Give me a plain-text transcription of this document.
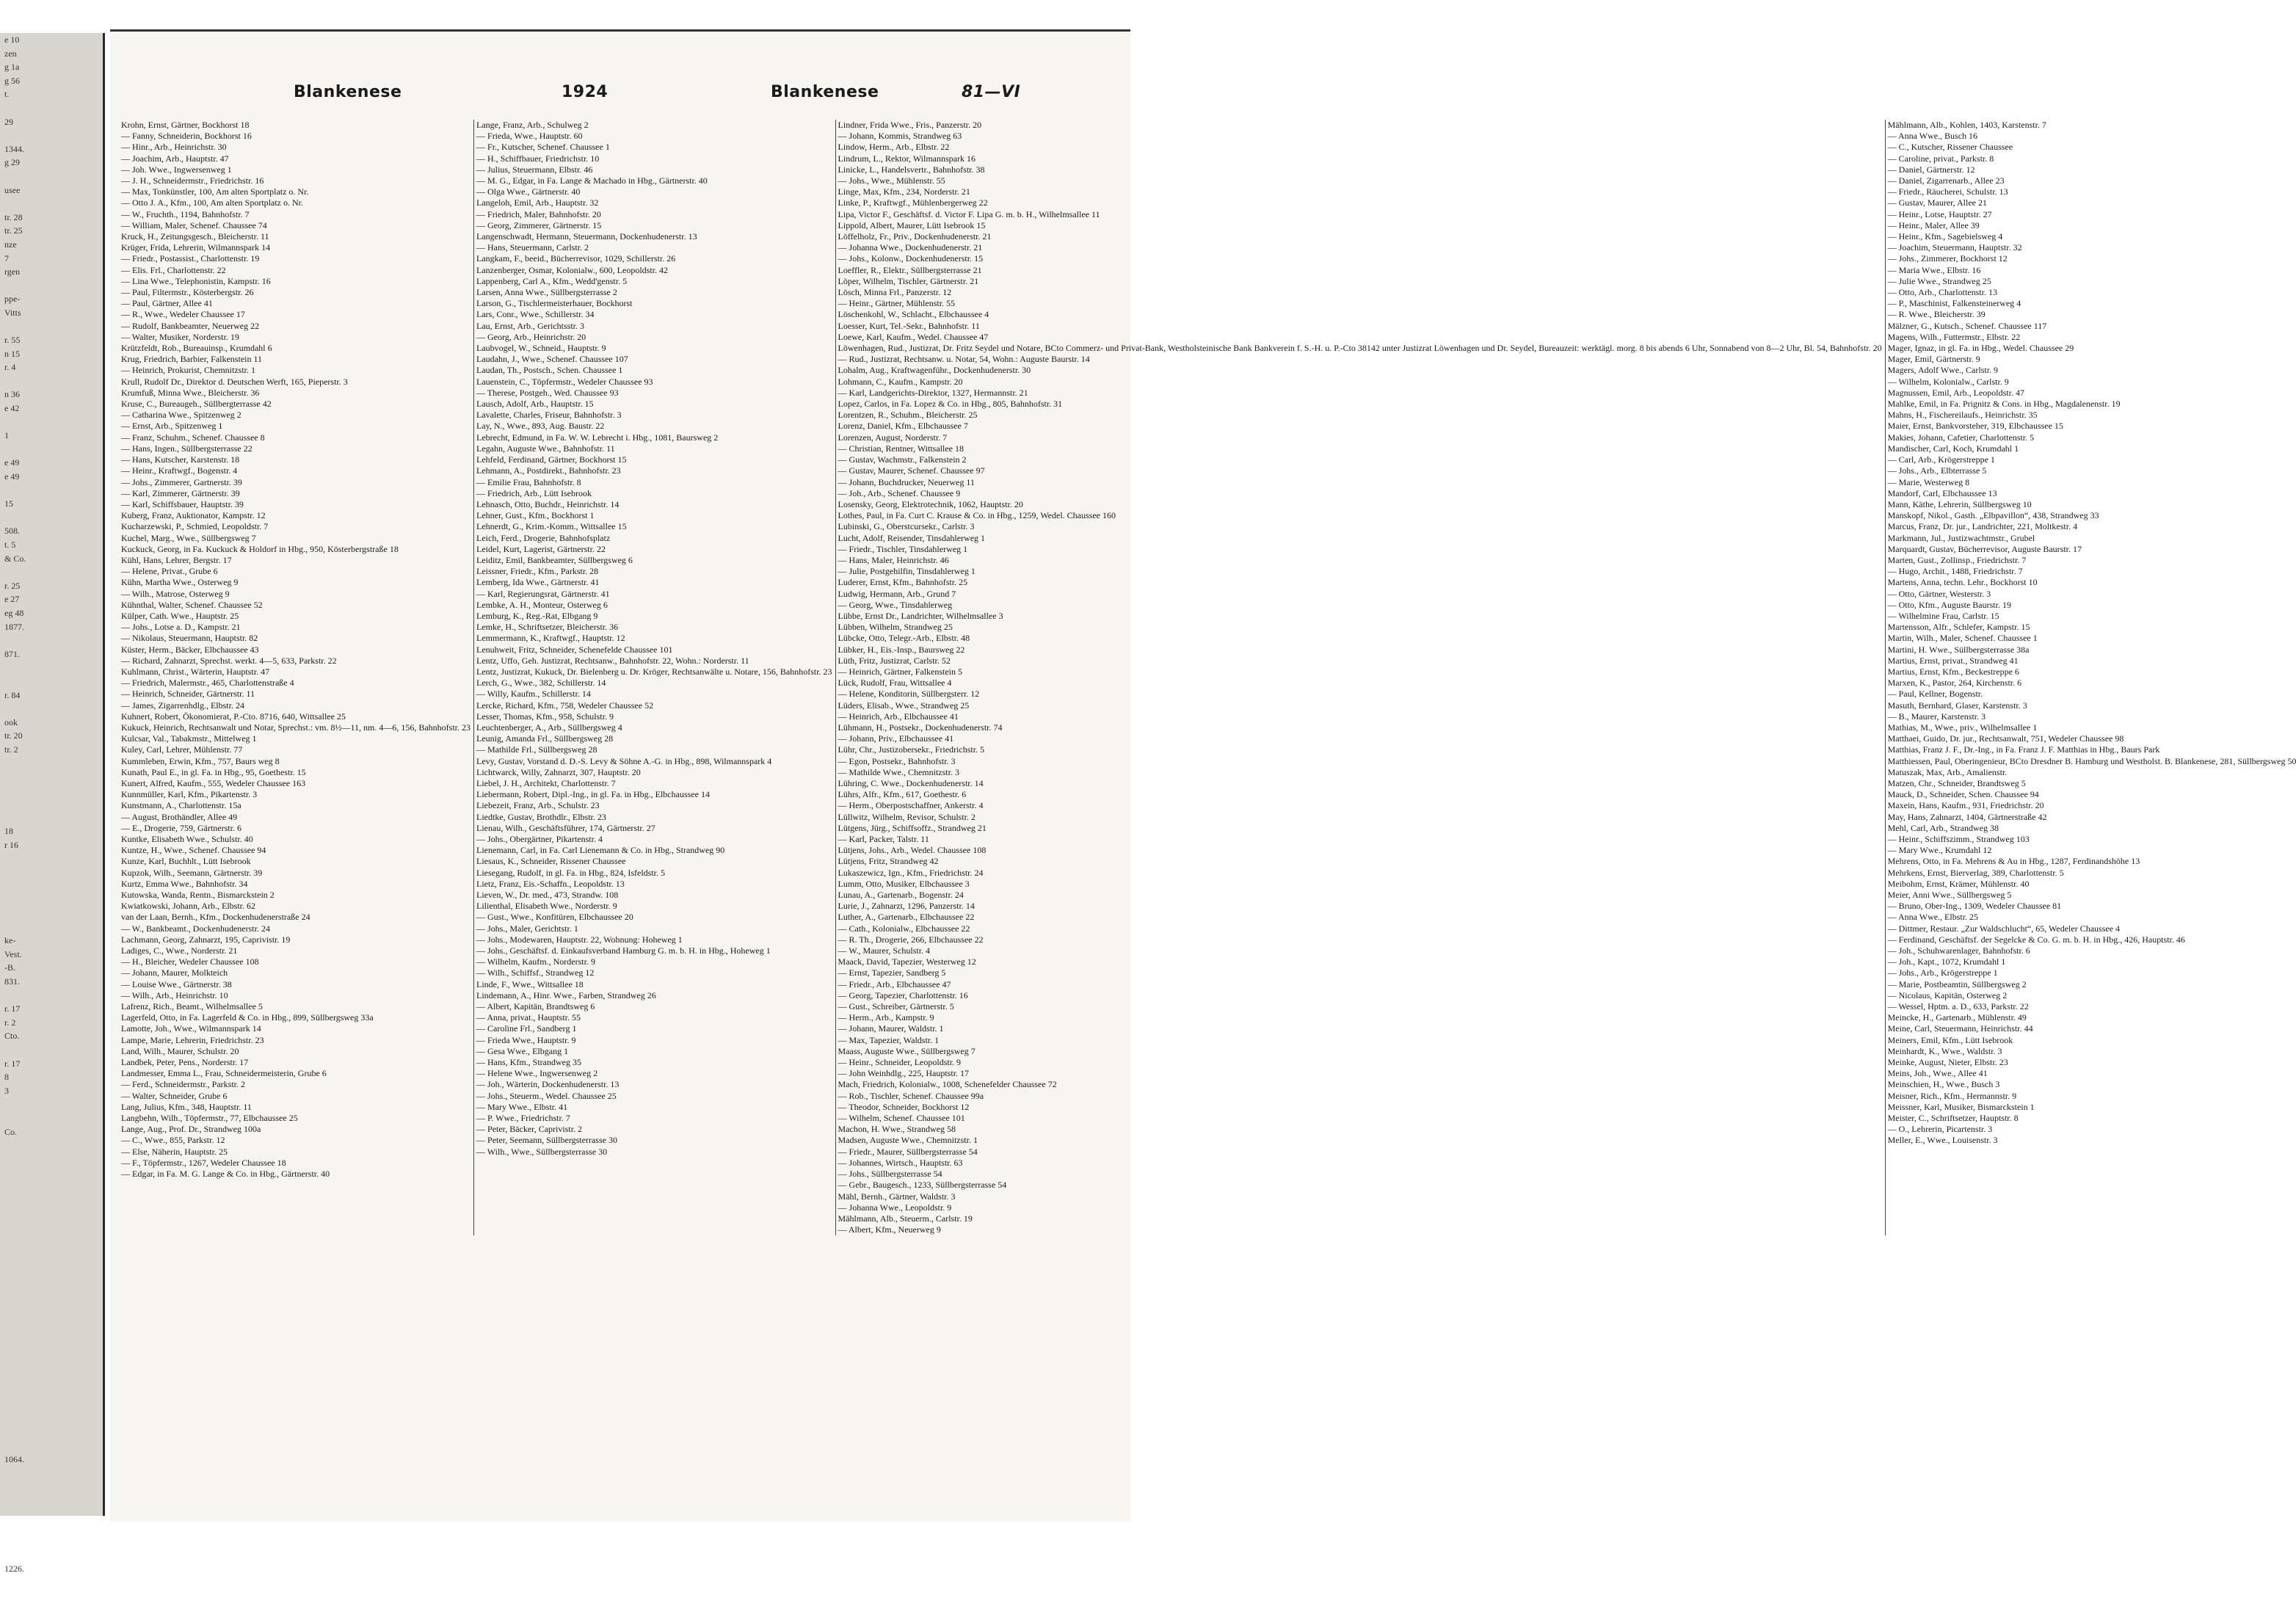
e 10
zen
g 1a
g 56
t.

29

1344.
g 29

usee

tr. 28
tr. 25
nze
7
rgen

ppe-
Vitts

r. 55
n 15
r. 4

n 36
e 42

1

e 49
e 49

15

508.
t. 5
& Co.

r. 25
e 27
eg 48
1877.

871.

r. 84

ook
tr. 20
tr. 2

18
r 16

ke-
Vest.
-B.
831.

r. 17
r. 2
Cto.

r. 17
8
3

Co.

1064.

1226.
Blankenese	1924	Blankenese	81—VI
Krohn, Ernst, Gärtner, Bockhorst 18
— Fanny, Schneiderin, Bockhorst 16
— Hinr., Arb., Heinrichstr. 30
— Joachim, Arb., Hauptstr. 47
— Joh. Wwe., Ingwersenweg 1
— J. H., Schneidermstr., Friedrichstr. 16
— Max, Tonkünstler, 100, Am alten Sportplatz o. Nr.
— Otto J. A., Kfm., 100, Am alten Sportplatz o. Nr.
— W., Fruchth., 1194, Bahnhofstr. 7
— William, Maler, Schenef. Chaussee 74
Kruck, H., Zeitungsgesch., Bleicherstr. 11
Krüger, Frida, Lehrerin, Wilmannspark 14
— Friedr., Postassist., Charlottenstr. 19
— Elis. Frl., Charlottenstr. 22
— Lina Wwe., Telephonistin, Kampstr. 16
— Paul, Filtermstr., Kösterbergstr. 26
— Paul, Gärtner, Allee 41
— R., Wwe., Wedeler Chaussee 17
— Rudolf, Bankbeamter, Neuerweg 22
— Walter, Musiker, Norderstr. 19
Krützfeldt, Rob., Bureauinsp., Krumdahl 6
Krug, Friedrich, Barbier, Falkenstein 11
— Heinrich, Prokurist, Chemnitzstr. 1
Krull, Rudolf Dr., Direktor d. Deutschen Werft, 165, Pieperstr. 3
Krumfuß, Minna Wwe., Bleicherstr. 36
Kruse, C., Bureaugeh., Süllbergterrasse 42
— Catharina Wwe., Spitzenweg 2
— Ernst, Arb., Spitzenweg 1
— Franz, Schuhm., Schenef. Chaussee 8
— Hans, Ingen., Süllbergsterrasse 22
— Hans, Kutscher, Karstenstr. 18
— Heinr., Kraftwgf., Bogenstr. 4
— Johs., Zimmerer, Gartnerstr. 39
— Karl, Zimmerer, Gärtnerstr. 39
— Karl, Schiffsbauer, Hauptstr. 39
Kuberg, Franz, Auktionator, Kampstr. 12
Kucharzewski, P., Schmied, Leopoldstr. 7
Kuchel, Marg., Wwe., Süllbergsweg 7
Kuckuck, Georg, in Fa. Kuckuck & Holdorf in Hbg., 950, Kösterbergstraße 18
Kühl, Hans, Lehrer, Bergstr. 17
— Helene, Privat., Grube 6
Kühn, Martha Wwe., Osterweg 9
— Wilh., Matrose, Osterweg 9
Kühnthal, Walter, Schenef. Chaussee 52
Külper, Cath. Wwe., Hauptstr. 25
— Johs., Lotse a. D., Kampstr. 21
— Nikolaus, Steuermann, Hauptstr. 82
Küster, Herm., Bäcker, Elbchaussee 43
— Richard, Zahnarzt, Sprechst. werkt. 4—5, 633, Parkstr. 22
Kuhlmann, Christ., Wärterin, Hauptstr. 47
— Friedrich, Malermstr., 465, Charlottenstraße 4
— Heinrich, Schneider, Gärtnerstr. 11
— James, Zigarrenhdlg., Elbstr. 24
Kuhnert, Robert, Ökonomierat, P.-Cto. 8716, 640, Wittsallee 25
Kukuck, Heinrich, Rechtsanwalt und Notar, Sprechst.: vm. 8½—11, nm. 4—6, 156, Bahnhofstr. 23
Kulcsar, Val., Tabakmstr., Mittelweg 1
Kuley, Carl, Lehrer, Mühlenstr. 77
Kummleben, Erwin, Kfm., 757, Baurs weg 8
Kunath, Paul E., in gl. Fa. in Hbg., 95, Goethestr. 15
Kunert, Alfred, Kaufm., 555, Wedeler Chaussee 163
Kunnmüller, Karl, Kfm., Pikartenstr. 3
Kunstmann, A., Charlottenstr. 15a
— August, Brothändler, Allee 49
— E., Drogerie, 759, Gärtnerstr. 6
Kuntke, Elisabeth Wwe., Schulstr. 40
Kuntze, H., Wwe., Schenef. Chaussee 94
Kunze, Karl, Buchhlt., Lütt Isebrook
Kupzok, Wilh., Seemann, Gärtnerstr. 39
Kurtz, Emma Wwe., Bahnhofstr. 34
Kutowska, Wanda, Rentn., Bismarckstein 2
Kwiatkowski, Johann, Arb., Elbstr. 62
van der Laan, Bernh., Kfm., Dockenhudenerstraße 24
— W., Bankbeamt., Dockenhudenerstr. 24
Lachmann, Georg, Zahnarzt, 195, Caprivistr. 19
Ladiges, C., Wwe., Norderstr. 21
— H., Bleicher, Wedeler Chaussee 108
— Johann, Maurer, Molkteich
— Louise Wwe., Gärtnerstr. 38
— Wilh., Arb., Heinrichstr. 10
Lafrenz, Rich., Beamt., Wilhelmsallee 5
Lagerfeld, Otto, in Fa. Lagerfeld & Co. in Hbg., 899, Süllbergsweg 33a
Lamotte, Joh., Wwe., Wilmannspark 14
Lampe, Marie, Lehrerin, Friedrichstr. 23
Land, Wilh., Maurer, Schulstr. 20
Landbek, Peter, Pens., Norderstr. 17
Landmesser, Emma L., Frau, Schneidermeisterin, Grube 6
— Ferd., Schneidermstr., Parkstr. 2
— Walter, Schneider, Grube 6
Lang, Julius, Kfm., 348, Hauptstr. 11
Langbehn, Wilh., Töpfermstr., 77, Elbchaussee 25
Lange, Aug., Prof. Dr., Strandweg 100a
— C., Wwe., 855, Parkstr. 12
— Else, Näherin, Hauptstr. 25
— F., Töpfermstr., 1267, Wedeler Chaussee 18
— Edgar, in Fa. M. G. Lange & Co. in Hbg., Gärtnerstr. 40
Lange, Franz, Arb., Schulweg 2
— Frieda, Wwe., Hauptstr. 60
— Fr., Kutscher, Schenef. Chaussee 1
— H., Schiffbauer, Friedrichstr. 10
— Julius, Steuermann, Elbstr. 46
— M. G., Edgar, in Fa. Lange & Machado in Hbg., Gärtnerstr. 40
— Olga Wwe., Gärtnerstr. 40
Langeloh, Emil, Arb., Hauptstr. 32
— Friedrich, Maler, Bahnhofstr. 20
— Georg, Zimmerer, Gärtnerstr. 15
Langenschwadt, Hermann, Steuermann, Dockenhudenerstr. 13
— Hans, Steuermann, Carlstr. 2
Langkam, F., beeid., Bücherrevisor, 1029, Schillerstr. 26
Lanzenberger, Osmar, Kolonialw., 600, Leopoldstr. 42
Lappenberg, Carl A., Kfm., Wedd'genstr. 5
Larsen, Anna Wwe., Süllbergsterrasse 2
Larson, G., Tischlermeisterhauer, Bockhorst
Lars, Conr., Wwe., Schillerstr. 34
Lau, Ernst, Arb., Gerichtsstr. 3
— Georg, Arb., Heinrichstr. 20
Laubvogel, W., Schneid., Hauptstr. 9
Laudahn, J., Wwe., Schenef. Chaussee 107
Laudan, Th., Postsch., Schen. Chaussee 1
Lauenstein, C., Töpfermstr., Wedeler Chaussee 93
— Therese, Postgeh., Wed. Chaussee 93
Lausch, Adolf, Arb., Hauptstr. 15
Lavalette, Charles, Friseur, Bahnhofstr. 3
Lay, N., Wwe., 893, Aug. Baustr. 22
Lebrecht, Edmund, in Fa. W. W. Lebrecht i. Hbg., 1081, Baursweg 2
Legahn, Auguste Wwe., Bahnhofstr. 11
Lehfeld, Ferdinand, Gärtner, Bockhorst 15
Lehmann, A., Postdirekt., Bahnhofstr. 23
— Emilie Frau, Bahnhofstr. 8
— Friedrich, Arb., Lütt Isebrook
Lehnasch, Otto, Buchdr., Heinrichstr. 14
Lehner, Gust., Kfm., Bockhorst 1
Lehnerdt, G., Krim.-Komm., Wittsallee 15
Leich, Ferd., Drogerie, Bahnhofsplatz
Leidel, Kurt, Lagerist, Gärtnerstr. 22
Leiditz, Emil, Bankbeamter, Süllbergsweg 6
Leissner, Friedr., Kfm., Parkstr. 28
Lemberg, Ida Wwe., Gärtnerstr. 41
— Karl, Regierungsrat, Gärtnerstr. 41
Lembke, A. H., Monteur, Osterweg 6
Lemburg, K., Reg.-Rat, Elbgang 9
Lemke, H., Schriftsetzer, Bleicherstr. 36
Lemmermann, K., Kraftwgf., Hauptstr. 12
Lenuhweit, Fritz, Schneider, Schenefelde Chaussee 101
Lentz, Uffo, Geh. Justizrat, Rechtsanw., Bahnhofstr. 22, Wohn.: Norderstr. 11
Lentz, Justizrat, Kukuck, Dr. Bielenberg u. Dr. Kröger, Rechtsanwälte u. Notare, 156, Bahnhofstr. 23
Lerch, G., Wwe., 382, Schillerstr. 14
— Willy, Kaufm., Schillerstr. 14
Lercke, Richard, Kfm., 758, Wedeler Chaussee 52
Lesser, Thomas, Kfm., 958, Schulstr. 9
Leuchtenberger, A., Arb., Süllbergsweg 4
Leunig, Amanda Frl., Süllbergsweg 28
— Mathilde Frl., Süllbergsweg 28
Levy, Gustav, Vorstand d. D.-S. Levy & Söhne A.-G. in Hbg., 898, Wilmannspark 4
Lichtwarck, Willy, Zahnarzt, 307, Hauptstr. 20
Liebel, J. H., Architekt, Charlottenstr. 7
Liebermann, Robert, Dipl.-Ing., in gl. Fa. in Hbg., Elbchaussee 14
Liebezeit, Franz, Arb., Schulstr. 23
Liedtke, Gustav, Brothdlr., Elbstr. 23
Lienau, Wilh., Geschäftsführer, 174, Gärtnerstr. 27
— Johs., Obergärtner, Pikartenstr. 4
Lienemann, Carl, in Fa. Carl Lienemann & Co. in Hbg., Strandweg 90
Liesaus, K., Schneider, Rissener Chaussee
Liesegang, Rudolf, in gl. Fa. in Hbg., 824, Isfeldstr. 5
Lietz, Franz, Eis.-Schaffn., Leopoldstr. 13
Lieven, W., Dr. med., 473, Strandw. 108
Lilienthal, Elisabeth Wwe., Norderstr. 9
— Gust., Wwe., Konfitüren, Elbchaussee 20
— Johs., Maler, Gerichtstr. 1
— Johs., Modewaren, Hauptstr. 22, Wohnung: Hoheweg 1
— Johs., Geschäftsf. d. Einkaufsverband Hamburg G. m. b. H. in Hbg., Hoheweg 1
— Wilhelm, Kaufm., Norderstr. 9
— Wilh., Schiffsf., Strandweg 12
Linde, F., Wwe., Wittsallee 18
Lindemann, A., Hinr. Wwe., Farben, Strandweg 26
— Albert, Kapitän, Brandtsweg 6
— Anna, privat., Hauptstr. 55
— Caroline Frl., Sandberg 1
— Frieda Wwe., Hauptstr. 9
— Gesa Wwe., Elbgang 1
— Hans, Kfm., Strandweg 35
— Helene Wwe., Ingwersenweg 2
— Joh., Wärterin, Dockenhudenerstr. 13
— Johs., Steuerm., Wedel. Chaussee 25
— Mary Wwe., Elbstr. 41
— P. Wwe., Friedrichstr. 7
— Peter, Bäcker, Caprivistr. 2
— Peter, Seemann, Süllbergsterrasse 30
— Wilh., Wwe., Süllbergsterrasse 30
Lindner, Frida Wwe., Fris., Panzerstr. 20
— Johann, Kommis, Strandweg 63
Lindow, Herm., Arb., Elbstr. 22
Lindrum, L., Rektor, Wilmannspark 16
Linicke, L., Handelsvertr., Bahnhofstr. 38
— Johs., Wwe., Mühlenstr. 55
Linge, Max, Kfm., 234, Norderstr. 21
Linke, P., Kraftwgf., Mühlenbergerweg 22
Lipa, Victor F., Geschäftsf. d. Victor F. Lipa G. m. b. H., Wilhelmsallee 11
Lippold, Albert, Maurer, Lütt Isebrook 15
Löffelholz, Fr., Priv., Dockenhudenerstr. 21
— Johanna Wwe., Dockenhudenerstr. 21
— Johs., Kolonw., Dockenhudenerstr. 15
Loeffler, R., Elektr., Süllbergsterrasse 21
Löper, Wilhelm, Tischler, Gärtnerstr. 21
Lösch, Minna Frl., Panzerstr. 12
— Heinr., Gärtner, Mühlenstr. 55
Löschenkohl, W., Schlacht., Elbchaussee 4
Loesser, Kurt, Tel.-Sekr., Bahnhofstr. 11
Loewe, Karl, Kaufm., Wedel. Chaussee 47
Löwenhagen, Rud., Justizrat, Dr. Fritz Seydel und Notare, BCto Commerz- und Privat-Bank, Westholsteinische Bank Bankverein f. S.-H. u. P.-Cto 38142 unter Justizrat Löwenhagen und Dr. Seydel, Bureauzeit: werktägl. morg. 8 bis abends 6 Uhr, Sonnabend von 8—2 Uhr, Bl. 54, Bahnhofstr. 20
— Rud., Justizrat, Rechtsanw. u. Notar, 54, Wohn.: Auguste Baurstr. 14
Lohalm, Aug., Kraftwagenführ., Dockenhudenerstr. 30
Lohmann, C., Kaufm., Kampstr. 20
— Karl, Landgerichts-Direktor, 1327, Hermannstr. 21
Lopez, Carlos, in Fa. Lopez & Co. in Hbg., 805, Bahnhofstr. 31
Lorentzen, R., Schuhm., Bleicherstr. 25
Lorenz, Daniel, Kfm., Elbchaussee 7
Lorenzen, August, Norderstr. 7
— Christian, Rentner, Wittsallee 18
— Gustav, Wachmstr., Falkenstein 2
— Gustav, Maurer, Schenef. Chaussee 97
— Johann, Buchdrucker, Neuerweg 11
— Joh., Arb., Schenef. Chaussee 9
Losensky, Georg, Elektrotechnik, 1062, Hauptstr. 20
Lothes, Paul, in Fa. Curt C. Krause & Co. in Hbg., 1259, Wedel. Chaussee 160
Lubinski, G., Oberstcursekr., Carlstr. 3
Lucht, Adolf, Reisender, Tinsdahlerweg 1
— Friedr., Tischler, Tinsdahlerweg 1
— Hans, Maler, Heinrichstr. 46
— Julie, Postgehilfin, Tinsdahlerweg 1
Luderer, Ernst, Kfm., Bahnhofstr. 25
Ludwig, Hermann, Arb., Grund 7
— Georg, Wwe., Tinsdahlerweg
Lübbe, Ernst Dr., Landrichter, Wilhelmsallee 3
Lübben, Wilhelm, Strandweg 25
Lübcke, Otto, Telegr.-Arb., Elbstr. 48
Lübker, H., Eis.-Insp., Baursweg 22
Lüth, Fritz, Justizrat, Carlstr. 52
— Heinrich, Gärtner, Falkenstein 5
Lück, Rudolf, Frau, Wittsallee 4
— Helene, Konditorin, Süllbergsterr. 12
Lüders, Elisab., Wwe., Strandweg 25
— Heinrich, Arb., Elbchaussee 41
Lühmann, H., Postsekr., Dockenhudenerstr. 74
— Johann, Priv., Elbchaussee 41
Lühr, Chr., Justizobersekr., Friedrichstr. 5
— Egon, Postsekr., Bahnhofstr. 3
— Mathilde Wwe., Chemnitzstr. 3
Lühring, C. Wwe., Dockenhudenerstr. 14
Lührs, Alfr., Kfm., 617, Goethestr. 6
— Herm., Oberpostschaffner, Ankerstr. 4
Lüllwitz, Wilhelm, Revisor, Schulstr. 2
Lütgens, Jürg., Schiffsoffz., Strandweg 21
— Karl, Packer, Talstr. 11
Lütjens, Johs., Arb., Wedel. Chaussee 108
Lütjens, Fritz, Strandweg 42
Lukaszewicz, Ign., Kfm., Friedrichstr. 24
Lumm, Otto, Musiker, Elbchaussee 3
Lunau, A., Gartenarb., Bogenstr. 24
Lurie, J., Zahnarzt, 1296, Panzerstr. 14
Luther, A., Gartenarb., Elbchaussee 22
— Cath., Kolonialw., Elbchaussee 22
— R. Th., Drogerie, 266, Elbchaussee 22
— W., Maurer, Schulstr. 4
Maack, David, Tapezier, Westerweg 12
— Ernst, Tapezier, Sandberg 5
— Friedr., Arb., Elbchaussee 47
— Georg, Tapezier, Charlottenstr. 16
— Gust., Schreiber, Gärtnerstr. 5
— Herm., Arb., Kampstr. 9
— Johann, Maurer, Waldstr. 1
— Max, Tapezier, Waldstr. 1
Maass, Auguste Wwe., Süllbergsweg 7
— Heinr., Schneider, Leopoldstr. 9
— John Weinhdlg., 225, Hauptstr. 17
Mach, Friedrich, Kolonialw., 1008, Schenefelder Chaussee 72
— Rob., Tischler, Schenef. Chaussee 99a
— Theodor, Schneider, Bockhorst 12
— Wilhelm, Schenef. Chaussee 101
Machon, H. Wwe., Strandweg 58
Madsen, Auguste Wwe., Chemnitzstr. 1
— Friedr., Maurer, Süllbergsterrasse 54
— Johannes, Wirtsch., Hauptstr. 63
— Johs., Süllbergsterrasse 54
— Gebr., Baugesch., 1233, Süllbergsterrasse 54
Mähl, Bernh., Gärtner, Waldstr. 3
— Johanna Wwe., Leopoldstr. 9
Mählmann, Alb., Steuerm., Carlstr. 19
— Albert, Kfm., Neuerweg 9
Mählmann, Alb., Kohlen, 1403, Karstenstr. 7
— Anna Wwe., Busch 16
— C., Kutscher, Rissener Chaussee
— Caroline, privat., Parkstr. 8
— Daniel, Gärtnerstr. 12
— Daniel, Zigarrenarb., Allee 23
— Friedr., Räucherei, Schulstr. 13
— Gustav, Maurer, Allee 21
— Heinr., Lotse, Hauptstr. 27
— Heinr., Maler, Allee 39
— Heinr., Kfm., Sagebielsweg 4
— Joachim, Steuermann, Hauptstr. 32
— Johs., Zimmerer, Bockhorst 12
— Maria Wwe., Elbstr. 16
— Julie Wwe., Strandweg 25
— Otto, Arb., Charlottenstr. 13
— P., Maschinist, Falkensteinerweg 4
— R. Wwe., Bleicherstr. 39
Mälzner, G., Kutsch., Schenef. Chaussee 117
Magens, Wilh., Futtermstr., Elbstr. 22
Mager, Ignaz, in gl. Fa. in Hbg., Wedel. Chaussee 29
Mager, Emil, Gärtnerstr. 9
Magers, Adolf Wwe., Carlstr. 9
— Wilhelm, Kolonialw., Carlstr. 9
Magnussen, Emil, Arb., Leopoldstr. 47
Mahlke, Emil, in Fa. Prignitz & Cons. in Hbg., Magdalenenstr. 19
Mahns, H., Fischereilaufs., Heinrichstr. 35
Maier, Ernst, Bankvorsteher, 319, Elbchaussee 15
Makies, Johann, Cafetier, Charlottenstr. 5
Mandischer, Carl, Koch, Krumdahl 1
— Carl, Arb., Krögerstreppe 1
— Johs., Arb., Elbterrasse 5
— Marie, Westerweg 8
Mandorf, Carl, Elbchaussee 13
Mann, Käthe, Lehrerin, Süllbergsweg 10
Manskopf, Nikol., Gasth. „Elbpavillon“, 438, Strandweg 33
Marcus, Franz, Dr. jur., Landrichter, 221, Moltkestr. 4
Markmann, Jul., Justizwachtmstr., Grubel
Marquardt, Gustav, Bücherrevisor, Auguste Baurstr. 17
Marten, Gust., Zollinsp., Friedrichstr. 7
— Hugo, Archit., 1488, Friedrichstr. 7
Martens, Anna, techn. Lehr., Bockhorst 10
— Otto, Gärtner, Westerstr. 3
— Otto, Kfm., Auguste Baurstr. 19
— Wilhelmine Frau, Carlstr. 15
Martensson, Alfr., Schlefer, Kampstr. 15
Martin, Wilh., Maler, Schenef. Chaussee 1
Martini, H. Wwe., Süllbergsterrasse 38a
Martius, Ernst, privat., Strandweg 41
Martius, Ernst, Kfm., Beckestreppe 6
Marxen, K., Pastor, 264, Kirchenstr. 6
— Paul, Kellner, Bogenstr.
Masuth, Bernhard, Glaser, Karstenstr. 3
— B., Maurer, Karstenstr. 3
Mathias, M., Wwe., priv., Wilhelmsallee 1
Matthaei, Guido, Dr. jur., Rechtsanwalt, 751, Wedeler Chaussee 98
Matthias, Franz J. F., Dr.-Ing., in Fa. Franz J. F. Matthias in Hbg., Baurs Park
Matthiessen, Paul, Oberingenieur, BCto Dresdner B. Hamburg und Westholst. B. Blankenese, 281, Süllbergsweg 50
Matuszak, Max, Arb., Amalienstr.
Matzen, Chr., Schneider, Brandtsweg 5
Mauck, D., Schneider, Schen. Chaussee 94
Maxein, Hans, Kaufm., 931, Friedrichstr. 20
May, Hans, Zahnarzt, 1404, Gärtnerstraße 42
Mehl, Carl, Arb., Strandweg 38
— Heinr., Schiffszimm., Strandweg 103
— Mary Wwe., Krumdahl 12
Mehrens, Otto, in Fa. Mehrens & Au in Hbg., 1287, Ferdinandshöhe 13
Mehrkens, Ernst, Bierverlag, 389, Charlottenstr. 5
Meibohm, Ernst, Krämer, Mühlenstr. 40
Meier, Anni Wwe., Süllbergsweg 5
— Bruno, Ober-Ing., 1309, Wedeler Chaussee 81
— Anna Wwe., Elbstr. 25
— Dittmer, Restaur. „Zur Waldschlucht“, 65, Wedeler Chaussee 4
— Ferdinand, Geschäftsf. der Segelcke & Co. G. m. b. H. in Hbg., 426, Hauptstr. 46
— Joh., Schuhwarenlager, Bahnhofstr. 6
— Joh., Kapt., 1072, Krumdahl 1
— Johs., Arb., Krögerstreppe 1
— Marie, Postbeamtin, Süllbergsweg 2
— Nicolaus, Kapitän, Osterweg 2
— Wessel, Hptm. a. D., 633, Parkstr. 22
Meincke, H., Gartenarb., Mühlenstr. 49
Meine, Carl, Steuermann, Heinrichstr. 44
Meiners, Emil, Kfm., Lütt Isebrook
Meinhardt, K., Wwe., Waldstr. 3
Meinke, August, Nieter, Elbstr. 23
Meins, Joh., Wwe., Allee 41
Meinschien, H., Wwe., Busch 3
Meisner, Rich., Kfm., Hermannstr. 9
Meissner, Karl, Musiker, Bismarckstein 1
Meister, C., Schriftsetzer, Hauptstr. 8
— O., Lehrerin, Picartenstr. 3
Meller, E., Wwe., Louisenstr. 3
